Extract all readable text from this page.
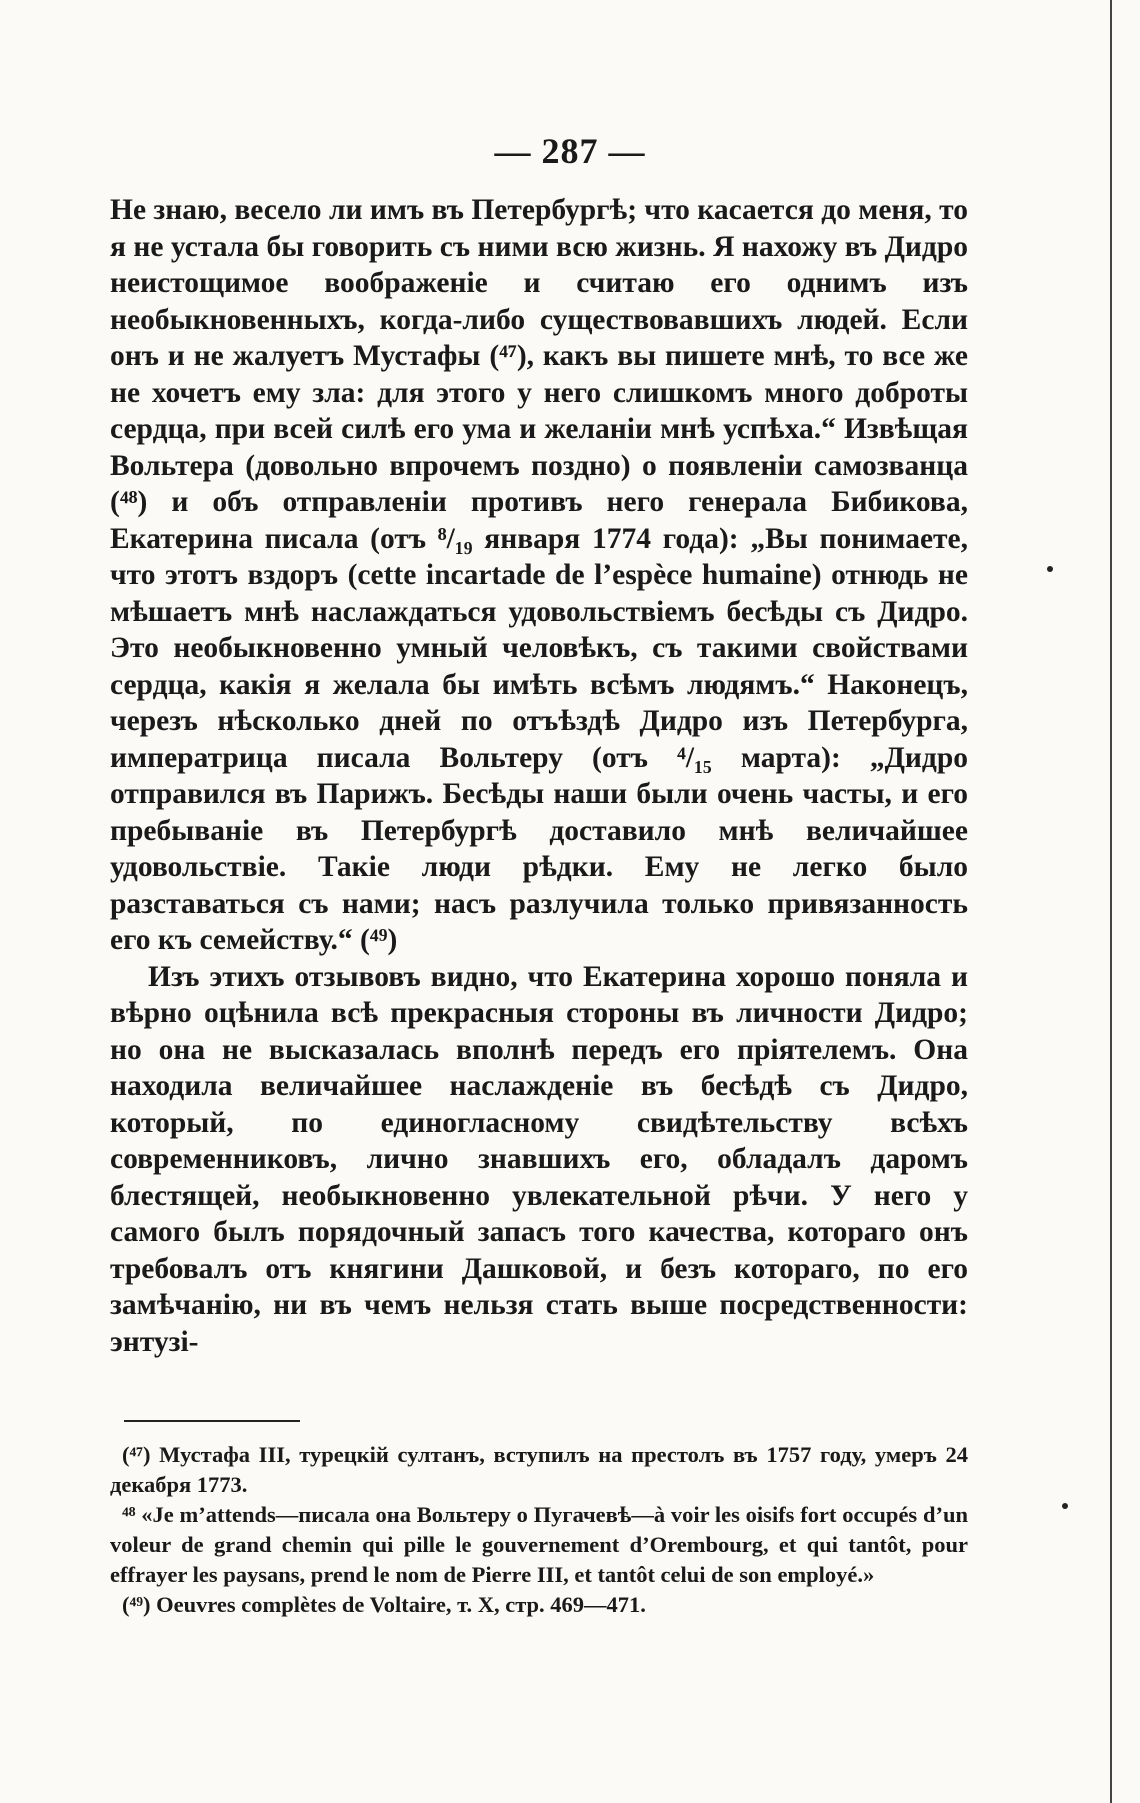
— 287 —

Не знаю, весело ли имъ въ Петербургѣ; что касается до меня, то я не устала бы говорить съ ними всю жизнь. Я нахожу въ Дидро неистощимое воображенiе и считаю его однимъ изъ необыкновенныхъ, когда-либо существовавшихъ людей. Если онъ и не жалуетъ Мустафы (⁴⁷), какъ вы пишете мнѣ, то все же не хочетъ ему зла: для этого у него слишкомъ много доброты сердца, при всей силѣ его ума и желанiи мнѣ успѣха.“ Извѣщая Вольтера (довольно впрочемъ поздно) о появленiи самозванца (⁴⁸) и объ отправленiи противъ него генерала Бибикова, Екатерина писала (отъ ⁸/₁₉ января 1774 года): „Вы понимаете, что этотъ вздоръ (cette incartade de l’espèce humaine) отнюдь не мѣшаетъ мнѣ наслаждаться удовольствiемъ бесѣды съ Дидро. Это необыкновенно умный человѣкъ, съ такими свойствами сердца, какiя я желала бы имѣть всѣмъ людямъ.“ Наконецъ, черезъ нѣсколько дней по отъѣздѣ Дидро изъ Петербурга, императрица писала Вольтеру (отъ ⁴/₁₅ марта): „Дидро отправился въ Парижъ. Бесѣды наши были очень часты, и его пребыванiе въ Петербургѣ доставило мнѣ величайшее удовольствiе. Такiе люди рѣдки. Ему не легко было разставаться съ нами; насъ разлучила только привязанность его къ семейству.“ (⁴⁹)

Изъ этихъ отзывовъ видно, что Екатерина хорошо поняла и вѣрно оцѣнила всѣ прекрасныя стороны въ личности Дидро; но она не высказалась вполнѣ передъ его прiятелемъ. Она находила величайшее наслажденiе въ бесѣдѣ съ Дидро, который, по единогласному свидѣтельству всѣхъ современниковъ, лично знавшихъ его, обладалъ даромъ блестящей, необыкновенно увлекательной рѣчи. У него у самого былъ порядочный запасъ того качества, котораго онъ требовалъ отъ княгини Дашковой, и безъ котораго, по его замѣчанiю, ни въ чемъ нельзя стать выше посредственности: энтузi-

(⁴⁷) Мустафа III, турецкiй султанъ, вступилъ на престолъ въ 1757 году, умеръ 24 декабря 1773.

⁴⁸ «Je m’attends—писала она Вольтеру о Пугачевѣ—à voir les oisifs fort occupés d’un voleur de grand chemin qui pille le gouvernement d’Orembourg, et qui tantôt, pour effrayer les paysans, prend le nom de Pierre III, et tantôt celui de son employé.»

(⁴⁹) Oeuvres complètes de Voltaire, т. X, стр. 469—471.
